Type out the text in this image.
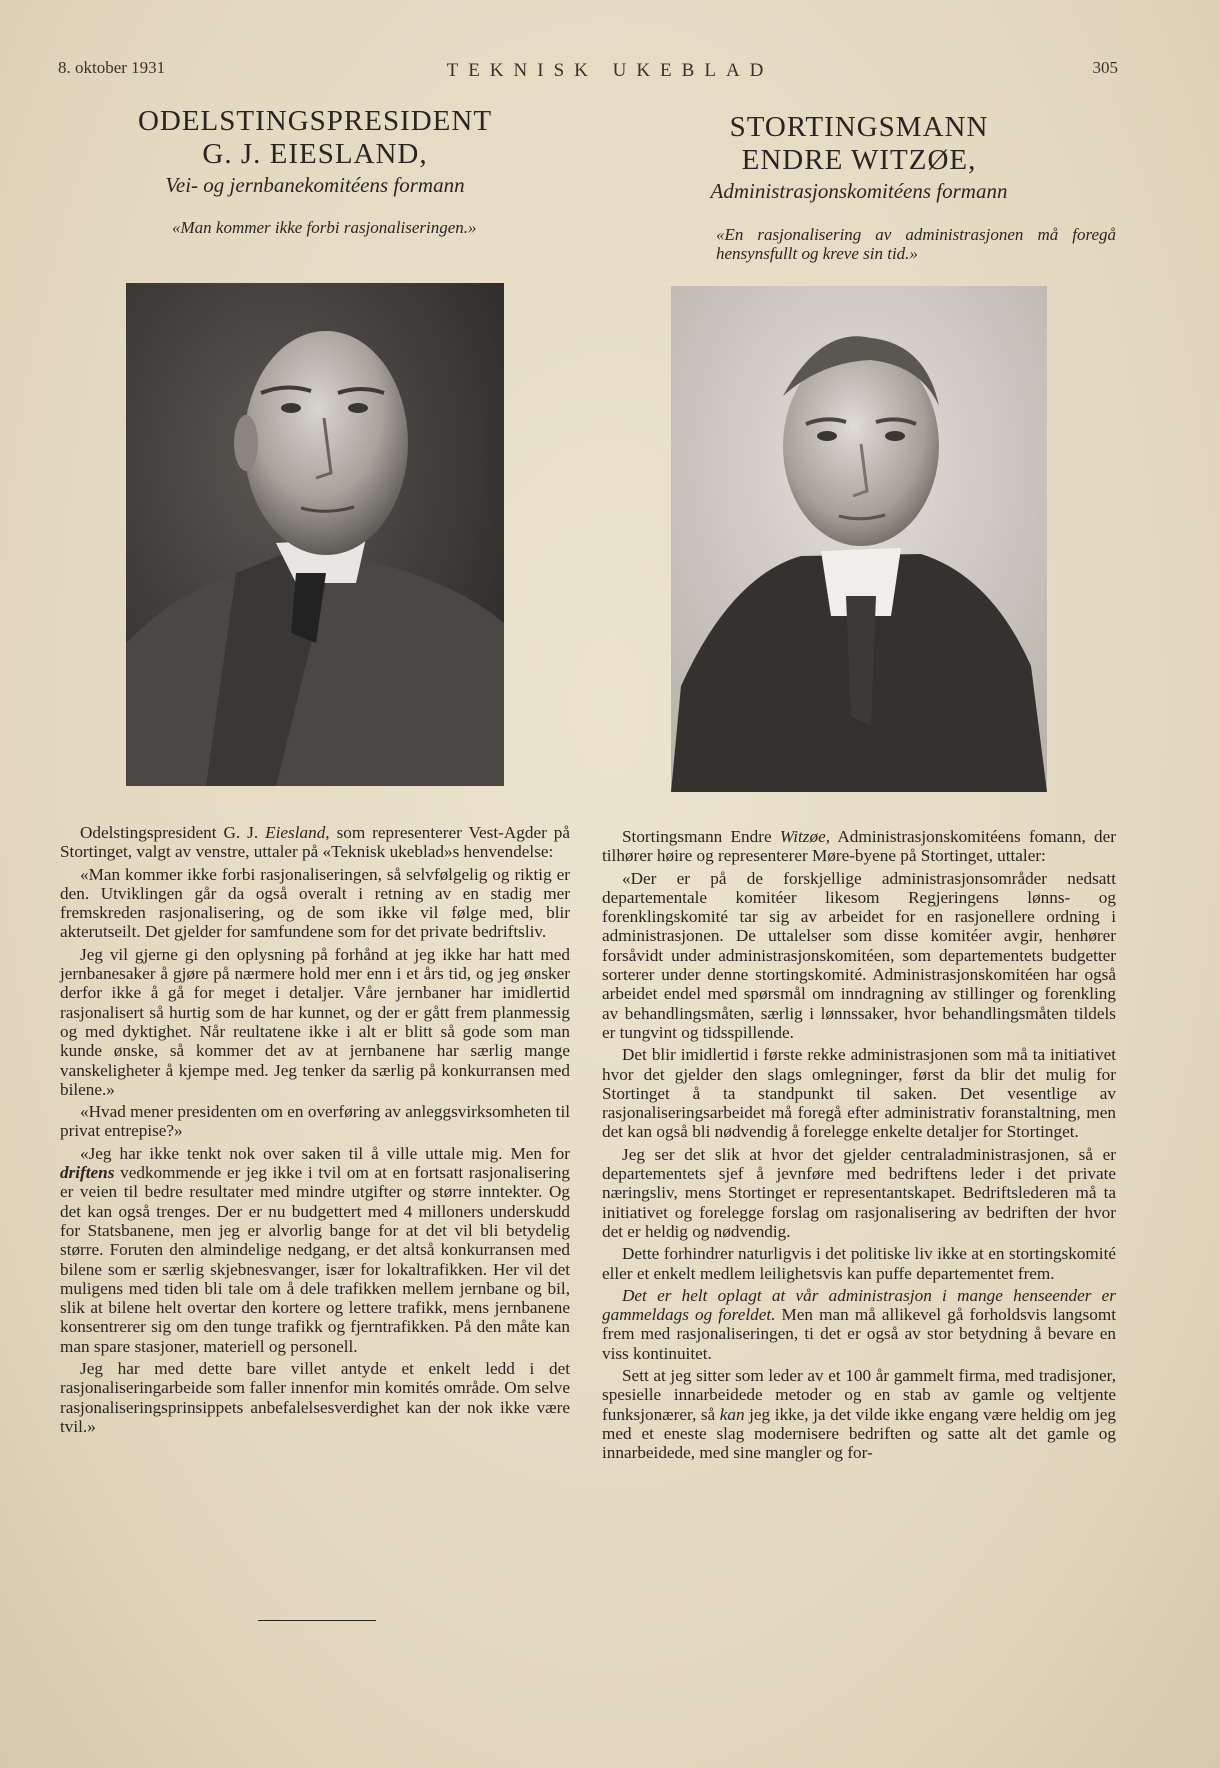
8. oktober 1931	TEKNISK UKEBLAD	305
ODELSTINGSPRESIDENT
G. J. EIESLAND,

Vei- og jernbanekomitéens formann

«Man kommer ikke forbi rasjonaliseringen.»

Odelstingspresident G. J. Eiesland, som representerer Vest-Agder på Stortinget, valgt av venstre, uttaler på «Teknisk ukeblad»s henvendelse:

«Man kommer ikke forbi rasjonaliseringen, så selvfølgelig og riktig er den. Utviklingen går da også overalt i retning av en stadig mer fremskreden rasjonalisering, og de som ikke vil følge med, blir akterutseilt. Det gjelder for samfundene som for det private bedriftsliv.

Jeg vil gjerne gi den oplysning på forhånd at jeg ikke har hatt med jernbanesaker å gjøre på nærmere hold mer enn i et års tid, og jeg ønsker derfor ikke å gå for meget i detaljer. Våre jernbaner har imidlertid rasjonalisert så hurtig som de har kunnet, og der er gått frem planmessig og med dyktighet. Når reultatene ikke i alt er blitt så gode som man kunde ønske, så kommer det av at jernbanene har særlig mange vanskeligheter å kjempe med. Jeg tenker da særlig på konkurransen med bilene.»

«Hvad mener presidenten om en overføring av anleggsvirksomheten til privat entrepise?»

«Jeg har ikke tenkt nok over saken til å ville uttale mig. Men for driftens vedkommende er jeg ikke i tvil om at en fortsatt rasjonalisering er veien til bedre resultater med mindre utgifter og større inntekter. Og det kan også trenges. Der er nu budgettert med 4 milloners underskudd for Statsbanene, men jeg er alvorlig bange for at det vil bli betydelig større. Foruten den almindelige nedgang, er det altså konkurransen med bilene som er særlig skjebnesvanger, især for lokaltrafikken. Her vil det muligens med tiden bli tale om å dele trafikken mellem jernbane og bil, slik at bilene helt overtar den kortere og lettere trafikk, mens jernbanene konsentrerer sig om den tunge trafikk og fjerntrafikken. På den måte kan man spare stasjoner, materiell og personell.

Jeg har med dette bare villet antyde et enkelt ledd i det rasjonaliseringarbeide som faller innenfor min komités område. Om selve rasjonaliseringsprinsippets anbefalelsesverdighet kan der nok ikke være tvil.»

STORTINGSMANN
ENDRE WITZØE,

Administrasjonskomitéens formann

«En rasjonalisering av administrasjonen må foregå hensynsfullt og kreve sin tid.»

Stortingsmann Endre Witzøe, Administrasjonskomitéens fomann, der tilhører høire og representerer Møre-byene på Stortinget, uttaler:

«Der er på de forskjellige administrasjonsområder nedsatt departementale komitéer likesom Regjeringens lønns- og forenklingskomité tar sig av arbeidet for en rasjonellere ordning i administrasjonen. De uttalelser som disse komitéer avgir, henhører forsåvidt under administrasjonskomitéen, som departementets budgetter sorterer under denne stortingskomité. Administrasjonskomitéen har også arbeidet endel med spørsmål om inndragning av stillinger og forenkling av behandlingsmåten, særlig i lønnssaker, hvor behandlingsmåten tildels er tungvint og tidsspillende.

Det blir imidlertid i første rekke administrasjonen som må ta initiativet hvor det gjelder den slags omlegninger, først da blir det mulig for Stortinget å ta standpunkt til saken. Det vesentlige av rasjonaliseringsarbeidet må foregå efter administrativ foranstaltning, men det kan også bli nødvendig å forelegge enkelte detaljer for Stortinget.

Jeg ser det slik at hvor det gjelder centraladministrasjonen, så er departementets sjef å jevnføre med bedriftens leder i det private næringsliv, mens Stortinget er representantskapet. Bedriftslederen må ta initiativet og forelegge forslag om rasjonalisering av bedriften der hvor det er heldig og nødvendig.

Dette forhindrer naturligvis i det politiske liv ikke at en stortingskomité eller et enkelt medlem leilighetsvis kan puffe departementet frem.

Det er helt oplagt at vår administrasjon i mange henseender er gammeldags og foreldet. Men man må allikevel gå forholdsvis langsomt frem med rasjonaliseringen, ti det er også av stor betydning å bevare en viss kontinuitet.

Sett at jeg sitter som leder av et 100 år gammelt firma, med tradisjoner, spesielle innarbeidede metoder og en stab av gamle og veltjente funksjonærer, så kan jeg ikke, ja det vilde ikke engang være heldig om jeg med et eneste slag modernisere bedriften og satte alt det gamle og innarbeidede, med sine mangler og for-
